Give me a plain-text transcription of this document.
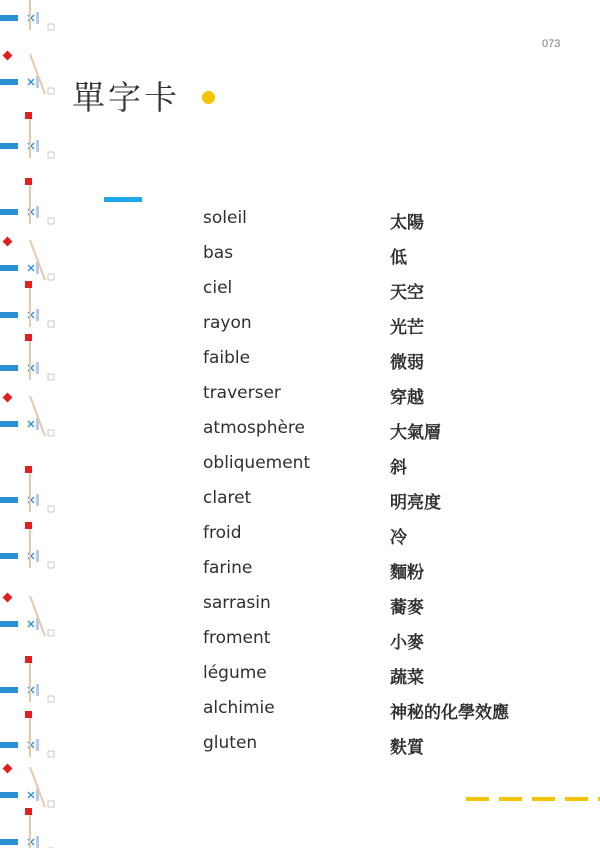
073
單字卡
soleil	太陽
bas	低
ciel	天空
rayon	光芒
faible	微弱
traverser	穿越
atmosphère	大氣層
obliquement	斜
claret	明亮度
froid	冷
farine	麵粉
sarrasin	蕎麥
froment	小麥
légume	蔬菜
alchimie	神秘的化學效應
gluten	麩質
